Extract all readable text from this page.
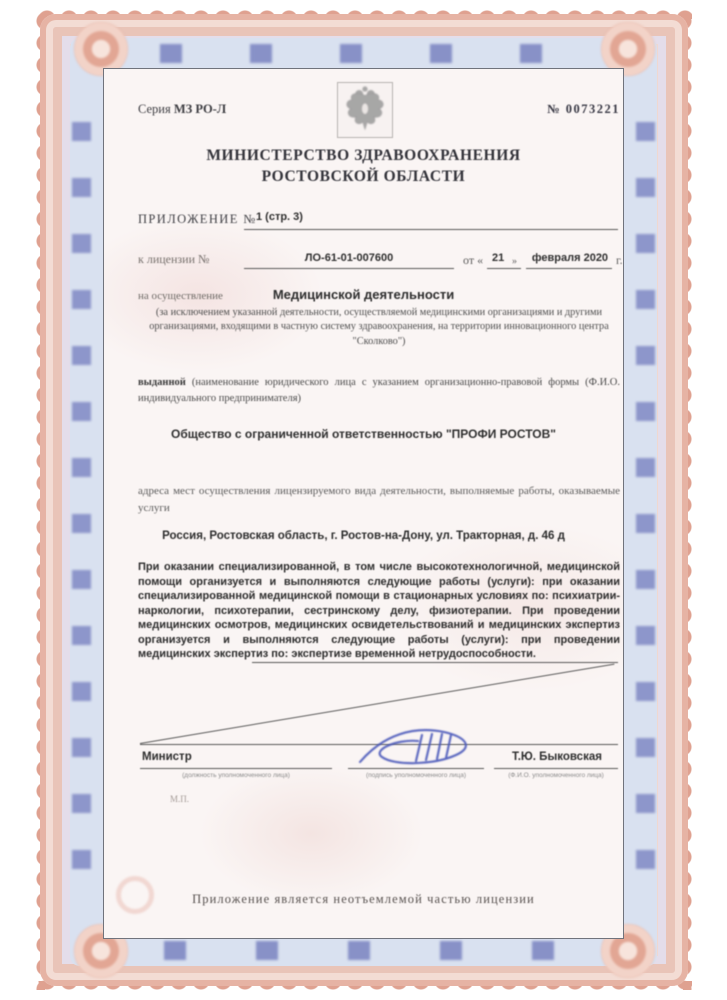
Серия МЗ РО-Л	№ 0073221
МИНИСТЕРСТВО ЗДРАВООХРАНЕНИЯ
РОСТОВСКОЙ ОБЛАСТИ
ПРИЛОЖЕНИЕ № 1 (стр. 3)
к лицензии №	ЛО-61-01-007600	от « 21 »	февраля 2020 г.
Медицинской деятельности
на осуществление
(за исключением указанной деятельности, осуществляемой медицинскими организациями и другими организациями, входящими в частную систему здравоохранения, на территории инновационного центра "Сколково")
выданной (наименование юридического лица с указанием организационно-правовой формы (Ф.И.О. индивидуального предпринимателя)
Общество с ограниченной ответственностью "ПРОФИ РОСТОВ"
адреса мест осуществления лицензируемого вида деятельности, выполняемые работы, оказываемые услуги
Россия, Ростовская область, г. Ростов-на-Дону, ул. Тракторная, д. 46 д
При оказании специализированной, в том числе высокотехнологичной, медицинской помощи организуется и выполняются следующие работы (услуги): при оказании специализированной медицинской помощи в стационарных условиях по: психиатрии-наркологии, психотерапии, сестринскому делу, физиотерапии. При проведении медицинских осмотров, медицинских освидетельствований и медицинских экспертиз организуется и выполняются следующие работы (услуги): при проведении медицинских экспертиз по: экспертизе временной нетрудоспособности.
Министр	Т.Ю. Быковская
(должность уполномоченного лица)	(подпись уполномоченного лица)	(Ф.И.О. уполномоченного лица)
М.П.
Приложение является неотъемлемой частью лицензии
